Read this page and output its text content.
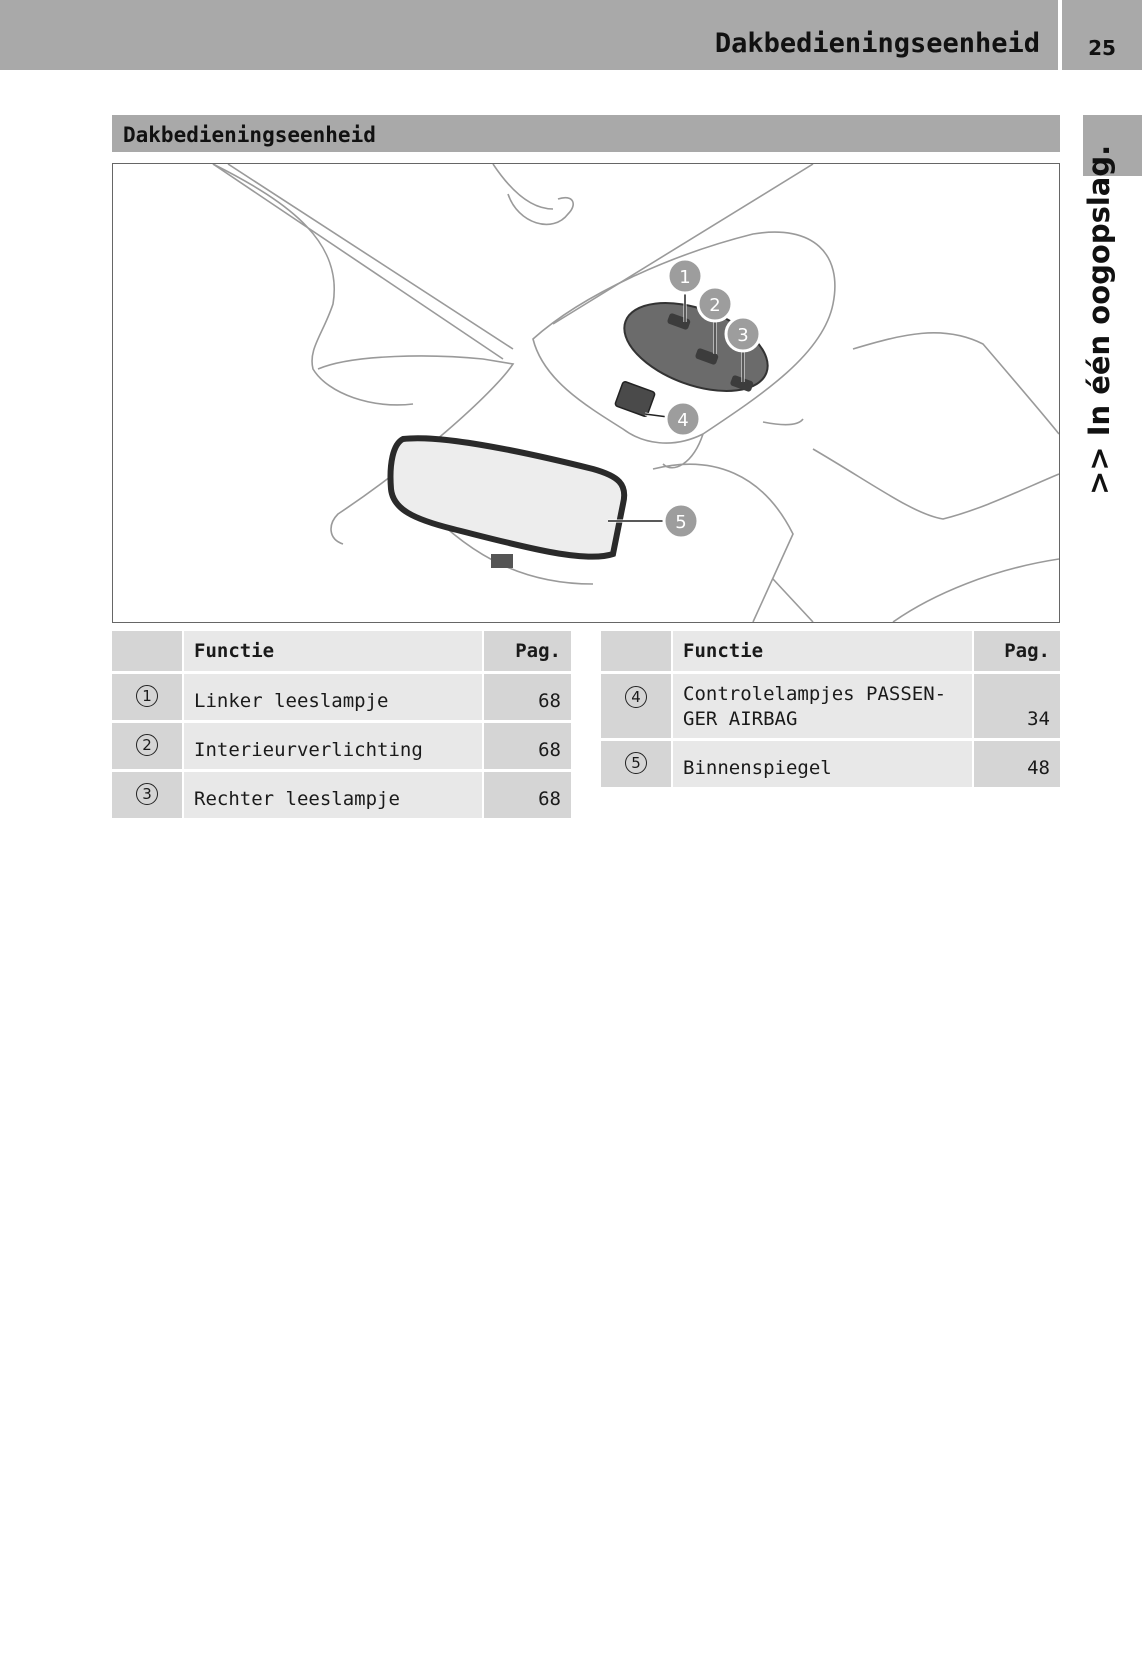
Dakbedieningseenheid	25
>> In één oogopslag.
Dakbedieningseenheid
1
2
3
4
5
	Functie	Pag.
1	Linker leeslampje	68
2	Interieurverlichting	68
3	Rechter leeslampje	68
	Functie	Pag.
4	Controlelampjes PASSEN-
GER AIRBAG	34
5	Binnenspiegel	48
